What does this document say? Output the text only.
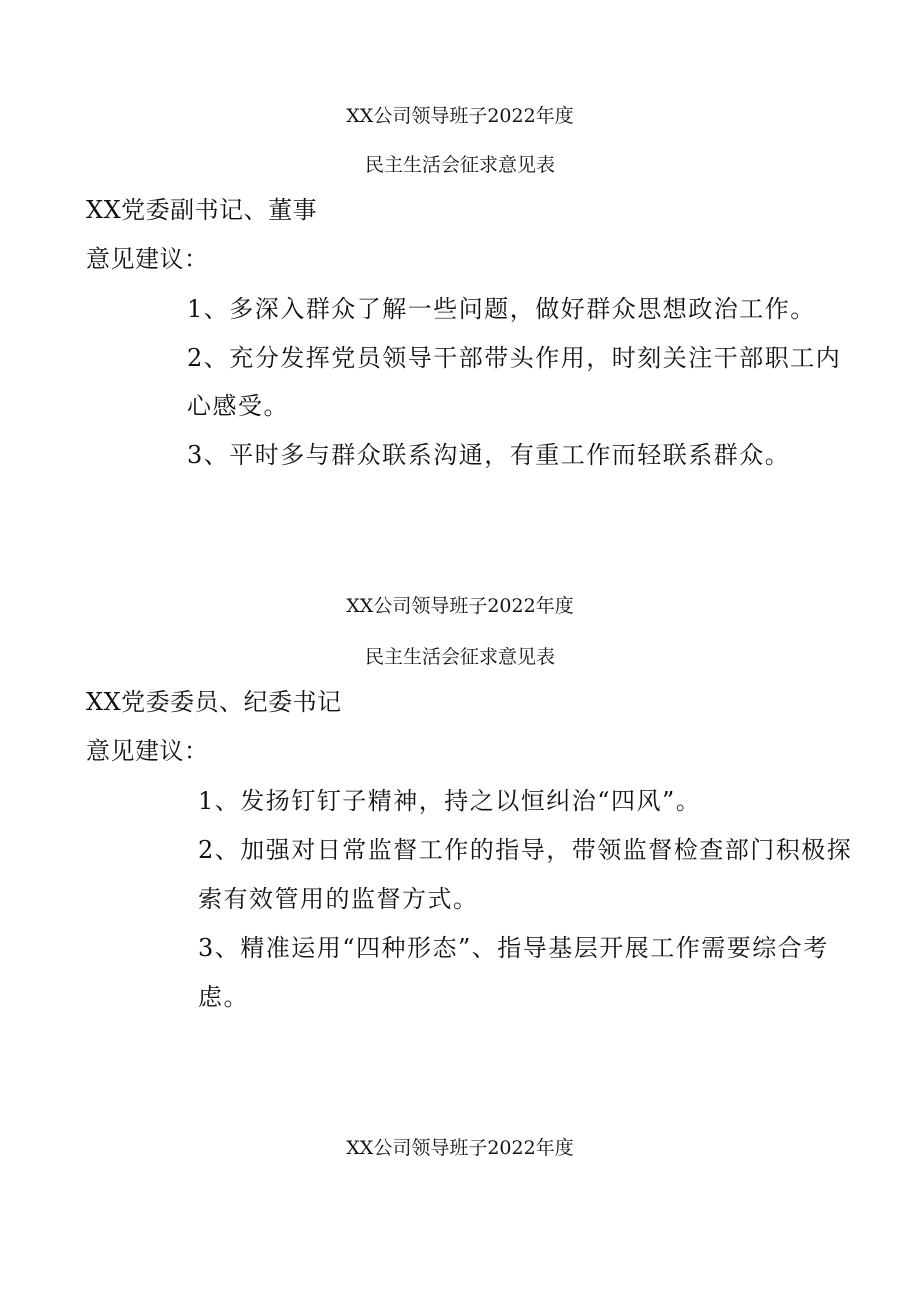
XX公司领导班子2022年度
民主生活会征求意见表
XX党委副书记、董事
意见建议：
1、多深入群众了解一些问题，做好群众思想政治工作。
2、充分发挥党员领导干部带头作用，时刻关注干部职工内
心感受。
3、平时多与群众联系沟通，有重工作而轻联系群众。
XX公司领导班子2022年度
民主生活会征求意见表
XX党委委员、纪委书记
意见建议：
1、发扬钉钉子精神，持之以恒纠治“四风”。
2、加强对日常监督工作的指导，带领监督检查部门积极探
索有效管用的监督方式。
3、精准运用“四种形态”、指导基层开展工作需要综合考
虑。
XX公司领导班子2022年度
